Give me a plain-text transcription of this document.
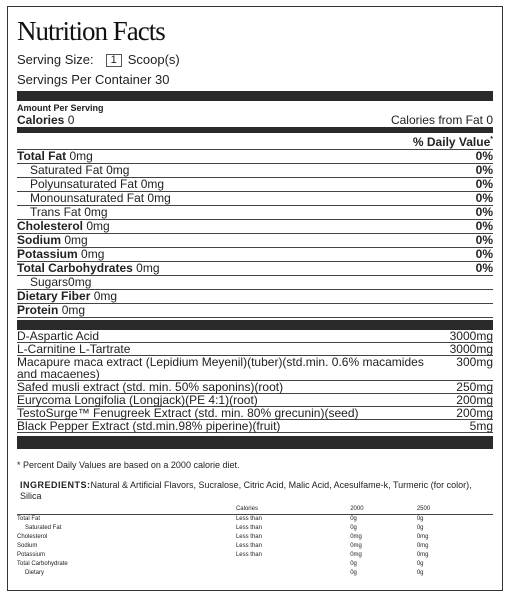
Nutrition Facts
Serving Size:	1 Scoop(s)
Servings Per Container 30
Amount Per Serving
Calories 0	Calories from Fat 0
% Daily Value*
Total Fat 0mg	0%
Saturated Fat 0mg	0%
Polyunsaturated Fat 0mg	0%
Monounsaturated Fat 0mg	0%
Trans Fat 0mg	0%
Cholesterol 0mg	0%
Sodium 0mg	0%
Potassium 0mg	0%
Total Carbohydrates 0mg	0%
Sugars0mg
Dietary Fiber 0mg
Protein 0mg
D-Aspartic Acid	3000mg
L-Carnitine L-Tartrate	3000mg
Macapure maca extract (Lepidium Meyenil)(tuber)(std.min. 0.6% macamides and macaenes)
300mg
Safed musli extract (std. min. 50% saponins)(root)	250mg
Eurycoma Longifolia (Longjack)(PE 4:1)(root)	200mg
TestoSurge™ Fenugreek Extract (std. min. 80% grecunin)(seed)	200mg
Black Pepper Extract (std.min.98% piperine)(fruit)	5mg
* Percent Daily Values are based on a 2000 calorie diet.
INGREDIENTS:Natural & Artificial Flavors, Sucralose, Citric Acid, Malic Acid, Acesulfame-k, Turmeric (for color), Silica
	Calories	2000	2500
Total Fat	Less than	0g	0g
Saturated Fat	Less than	0g	0g
Cholesterol	Less than	0mg	0mg
Sodium	Less than	0mg	0mg
Potassium	Less than	0mg	0mg
Total Carbohydrate		0g	0g
Dietary		0g	0g
